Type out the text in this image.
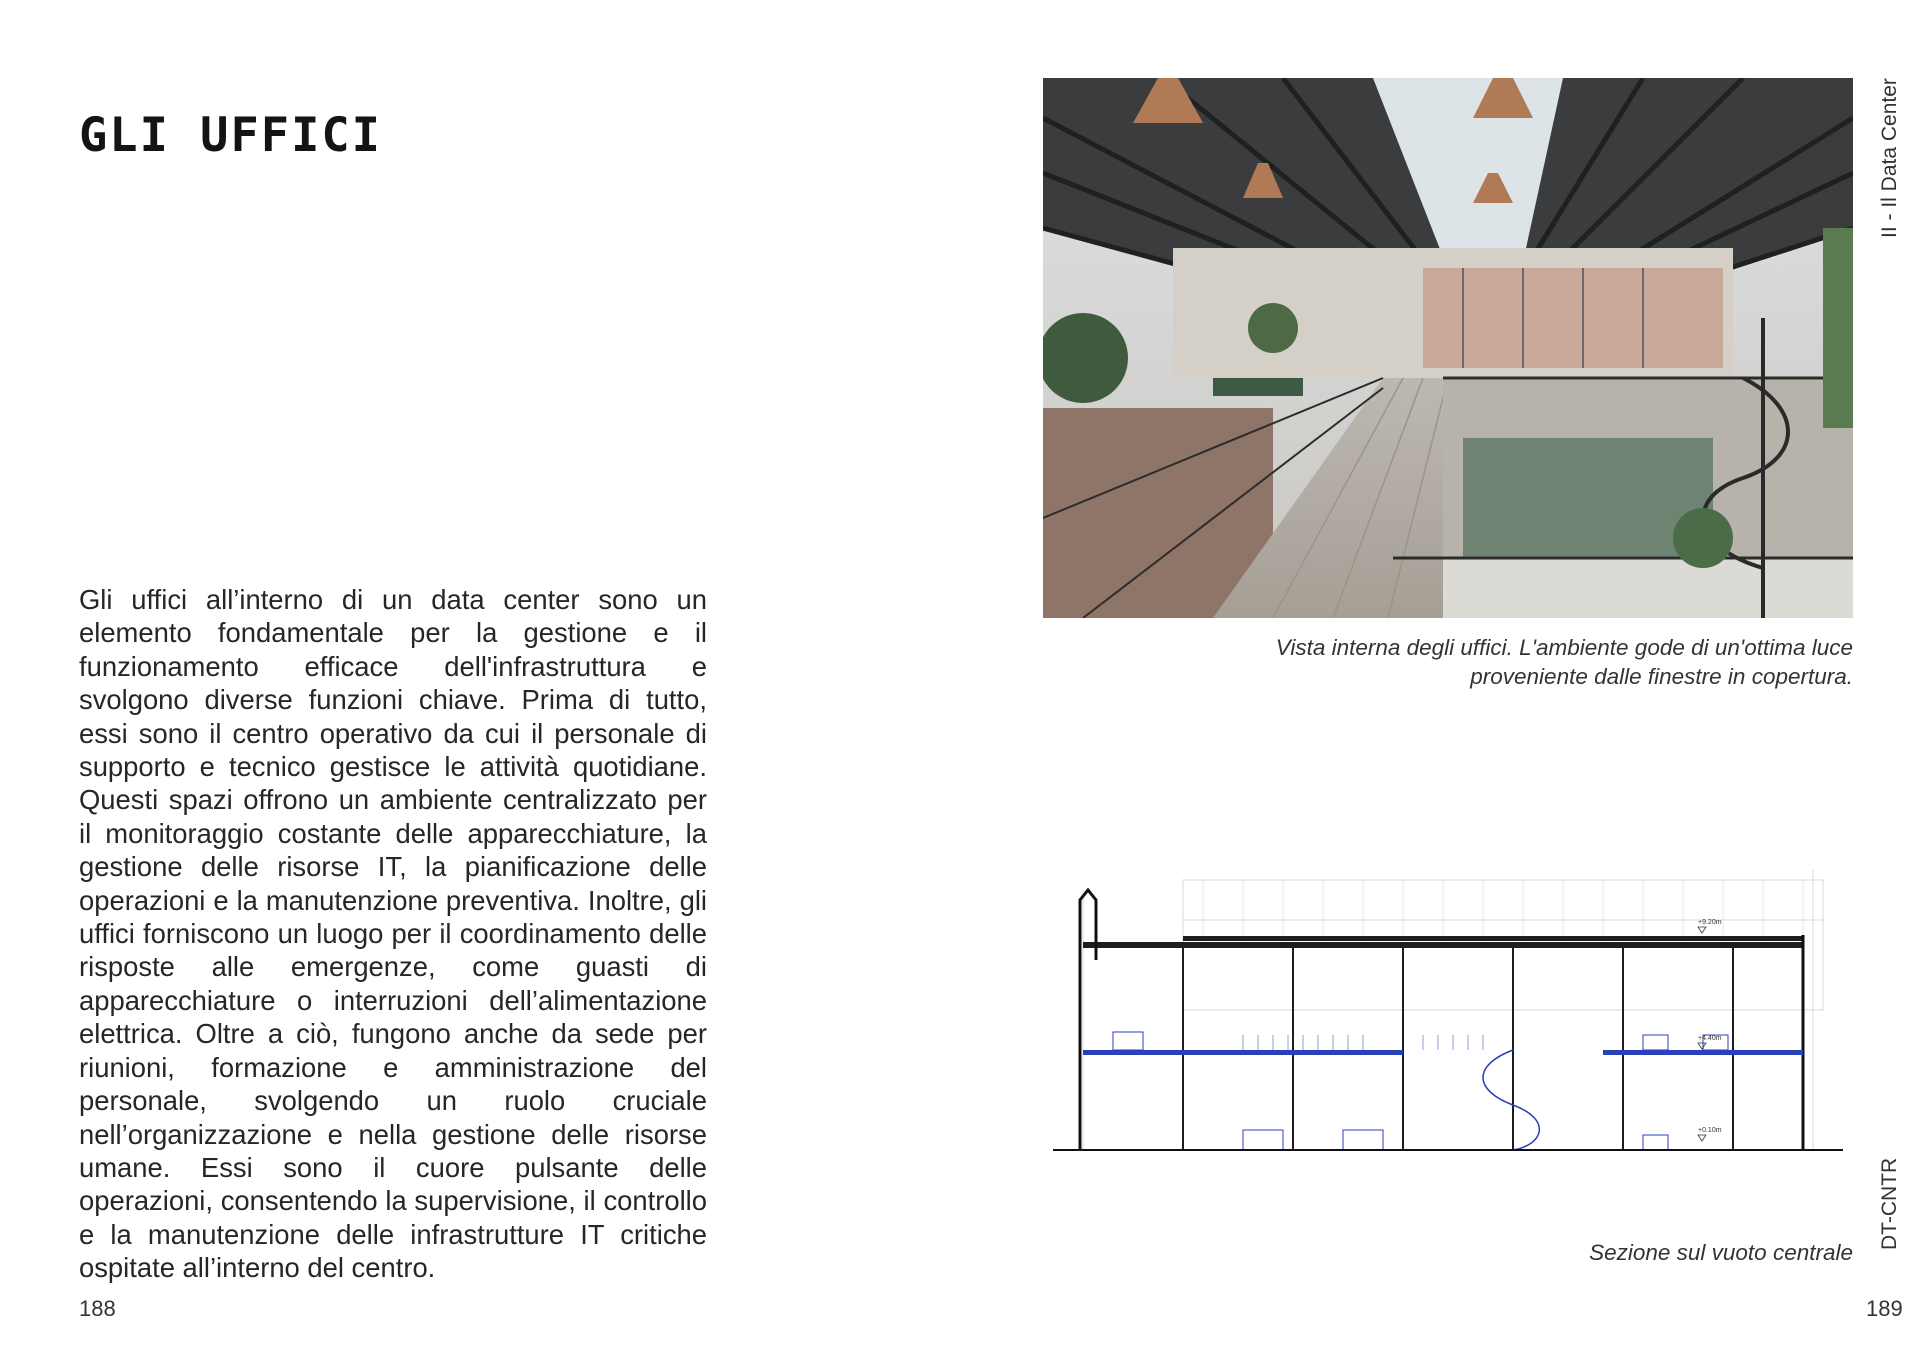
GLI UFFICI
Gli uffici all’interno di un data center sono un elemento fondamentale per la gestione e il funzionamento efficace dell'infrastruttura e svolgono diverse funzioni chiave. Prima di tutto, essi sono il centro operativo da cui il personale di supporto e tecnico gestisce le attività quotidiane. Questi spazi offrono un ambiente centralizzato per il monitoraggio costante delle apparecchiature, la gestione delle risorse IT, la pianificazione delle operazioni e la manutenzione preventiva. Inoltre, gli uffici forniscono un luogo per il coordinamento delle risposte alle emergenze, come guasti di apparecchiature o interruzioni dell’alimentazione elettrica. Oltre a ciò, fungono anche da sede per riunioni, formazione e amministrazione del personale, svolgendo un ruolo cruciale nell’organizzazione e nella gestione delle risorse umane. Essi sono il cuore pulsante delle operazioni, consentendo la supervisione, il controllo e la manutenzione delle infrastrutture IT critiche ospitate all’interno del centro.
188
II - Il Data Center
DT-CNTR
Vista interna degli uffici. L'ambiente gode di un'ottima luce
proveniente dalle finestre in copertura.
+9.20m
+4.40m
+0.10m
Sezione sul vuoto centrale
189
